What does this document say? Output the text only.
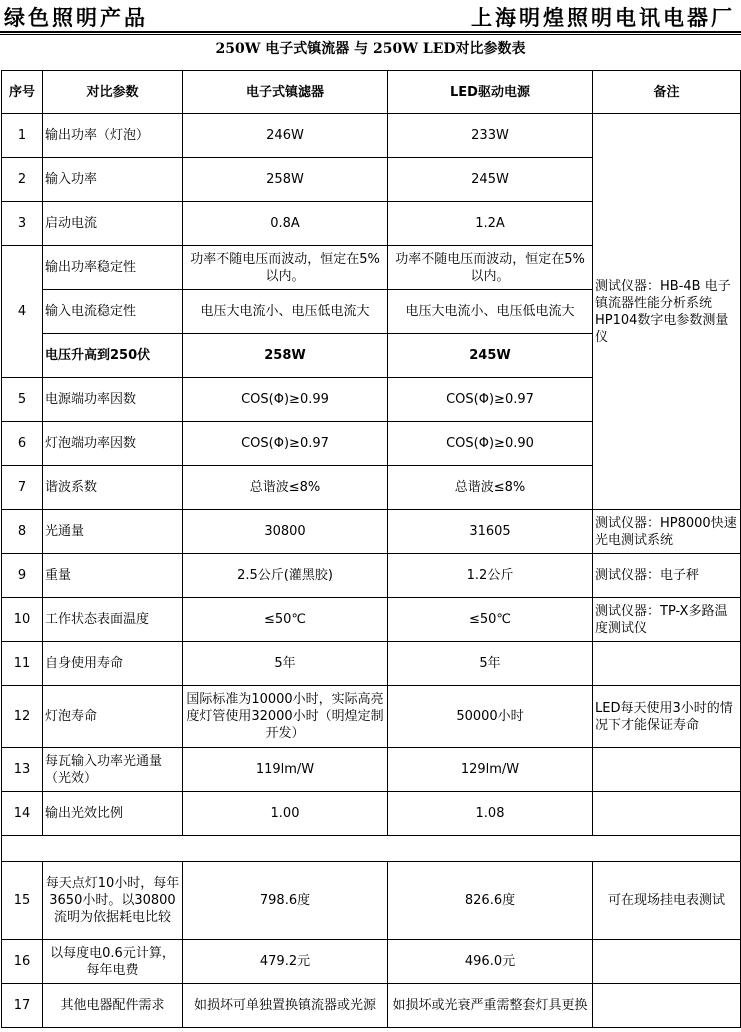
绿色照明产品	上海明煌照明电讯电器厂
250W 电子式镇流器 与 250W LED对比参数表
序号	对比参数	电子式镇滤器	LED驱动电源	备注
1	输出功率（灯泡）	246W	233W	测试仪器：HB-4B 电子镇流器性能分析系统 HP104数字电参数测量仪
2	输入功率	258W	245W	
3	启动电流	0.8A	1.2A	
4	输出功率稳定性	功率不随电压而波动，恒定在5%以内。	功率不随电压而波动，恒定在5%以内。	
	输入电流稳定性	电压大电流小、电压低电流大	电压大电流小、电压低电流大	
	电压升高到250伏	258W	245W	
5	电源端功率因数	COS(Φ)≥0.99	COS(Φ)≥0.97	
6	灯泡端功率因数	COS(Φ)≥0.97	COS(Φ)≥0.90	
7	谐波系数	总谐波≤8%	总谐波≤8%	
8	光通量	30800	31605	测试仪器：HP8000快速光电测试系统
9	重量	2.5公斤(灌黑胶)	1.2公斤	测试仪器：电子秤
10	工作状态表面温度	≤50℃	≤50℃	测试仪器：TP-X多路温度测试仪
11	自身使用寿命	5年	5年	
12	灯泡寿命	国际标准为10000小时，实际高亮度灯管使用32000小时（明煌定制开发）	50000小时	LED每天使用3小时的情况下才能保证寿命
13	每瓦输入功率光通量（光效）	119lm/W	129lm/W	
14	输出光效比例	1.00	1.08	

15	每天点灯10小时，每年3650小时。以30800流明为依据耗电比较	798.6度	826.6度	可在现场挂电表测试
16	以每度电0.6元计算，每年电费	479.2元	496.0元	
17	其他电器配件需求	如损坏可单独置换镇流器或光源	如损坏或光衰严重需整套灯具更换	
